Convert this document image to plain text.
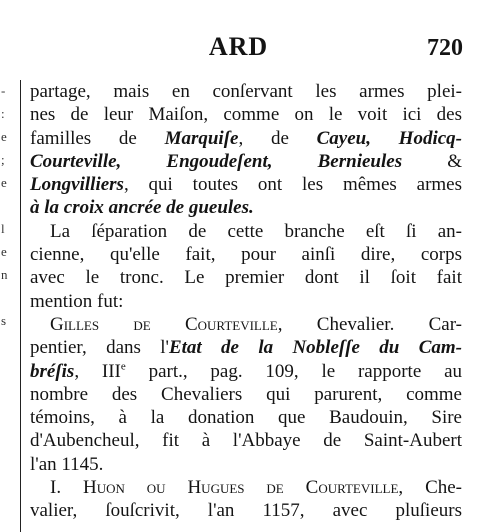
-
:
e
;
e
l
e
n
s
ARD	720
partage, mais en conſervant les armes plei-
nes de leur Maiſon, comme on le voit ici des
familles de Marquiſe, de Cayeu, Hodicq-
Courteville, Engoudeſent, Bernieules &
Longvilliers, qui toutes ont les mêmes armes
à la croix ancrée de gueules.
La ſéparation de cette branche eſt ſi an-
cienne, qu'elle fait, pour ainſi dire, corps
avec le tronc. Le premier dont il ſoit fait
mention fut:
Gilles de Courteville, Chevalier. Car-
pentier, dans l'Etat de la Nobleſſe du Cam-
bréſis, IIIe part., pag. 109, le rapporte au
nombre des Chevaliers qui parurent, comme
témoins, à la donation que Baudouin, Sire
d'Aubencheul, fit à l'Abbaye de Saint-Aubert
l'an 1145.
I. Huon ou Hugues de Courteville, Che-
valier, ſouſcrivit, l'an 1157, avec pluſieurs
